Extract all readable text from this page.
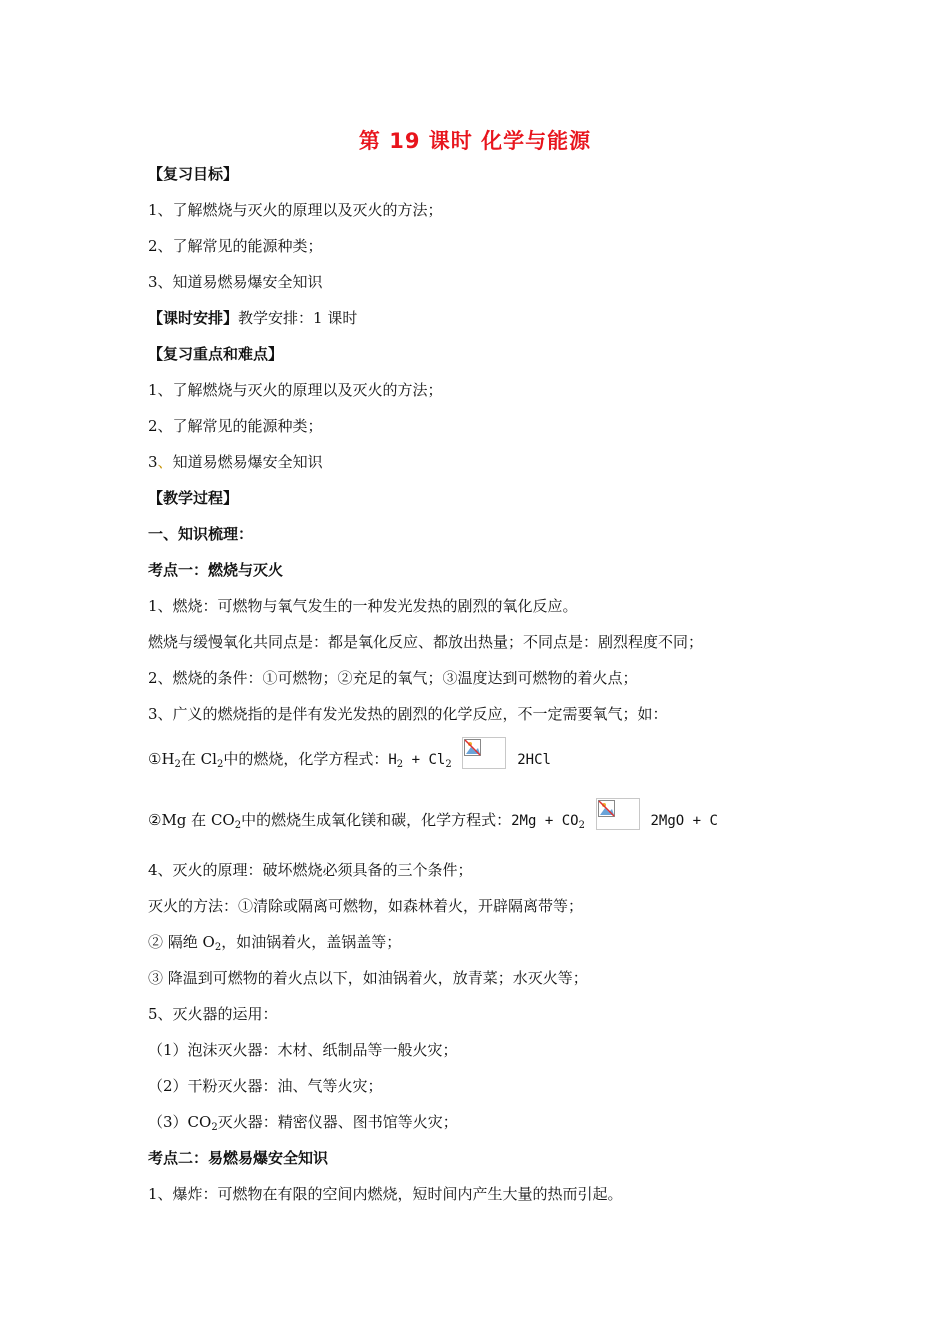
第 19 课时 化学与能源
【复习目标】
1、了解燃烧与灭火的原理以及灭火的方法；
2、了解常见的能源种类；
3、知道易燃易爆安全知识
【课时安排】教学安排：1 课时
【复习重点和难点】
1、了解燃烧与灭火的原理以及灭火的方法；
2、了解常见的能源种类；
3、知道易燃易爆安全知识
【教学过程】
一、知识梳理：
考点一：燃烧与灭火
1、燃烧：可燃物与氧气发生的一种发光发热的剧烈的氧化反应。
燃烧与缓慢氧化共同点是：都是氧化反应、都放出热量；不同点是：剧烈程度不同；
2、燃烧的条件：①可燃物；②充足的氧气；③温度达到可燃物的着火点；
3、广义的燃烧指的是伴有发光发热的剧烈的化学反应，不一定需要氧气；如：
$①H_2$在 $Cl_2$中的燃烧，化学方程式：$H_2 + Cl_2$	2HCl
②Mg 在 $CO_2$中的燃烧生成氧化镁和碳，化学方程式：$2Mg + CO_2$	2MgO + C
4、灭火的原理：破坏燃烧必须具备的三个条件；
灭火的方法：①清除或隔离可燃物，如森林着火，开辟隔离带等；
② 隔绝 $O_2$，如油锅着火，盖锅盖等；
③ 降温到可燃物的着火点以下，如油锅着火，放青菜；水灭火等；
5、灭火器的运用：
（1）泡沫灭火器：木材、纸制品等一般火灾；
（2）干粉灭火器：油、气等火灾；
$(3)CO_2$灭火器：精密仪器、图书馆等火灾；
考点二：易燃易爆安全知识
1、爆炸：可燃物在有限的空间内燃烧，短时间内产生大量的热而引起。
